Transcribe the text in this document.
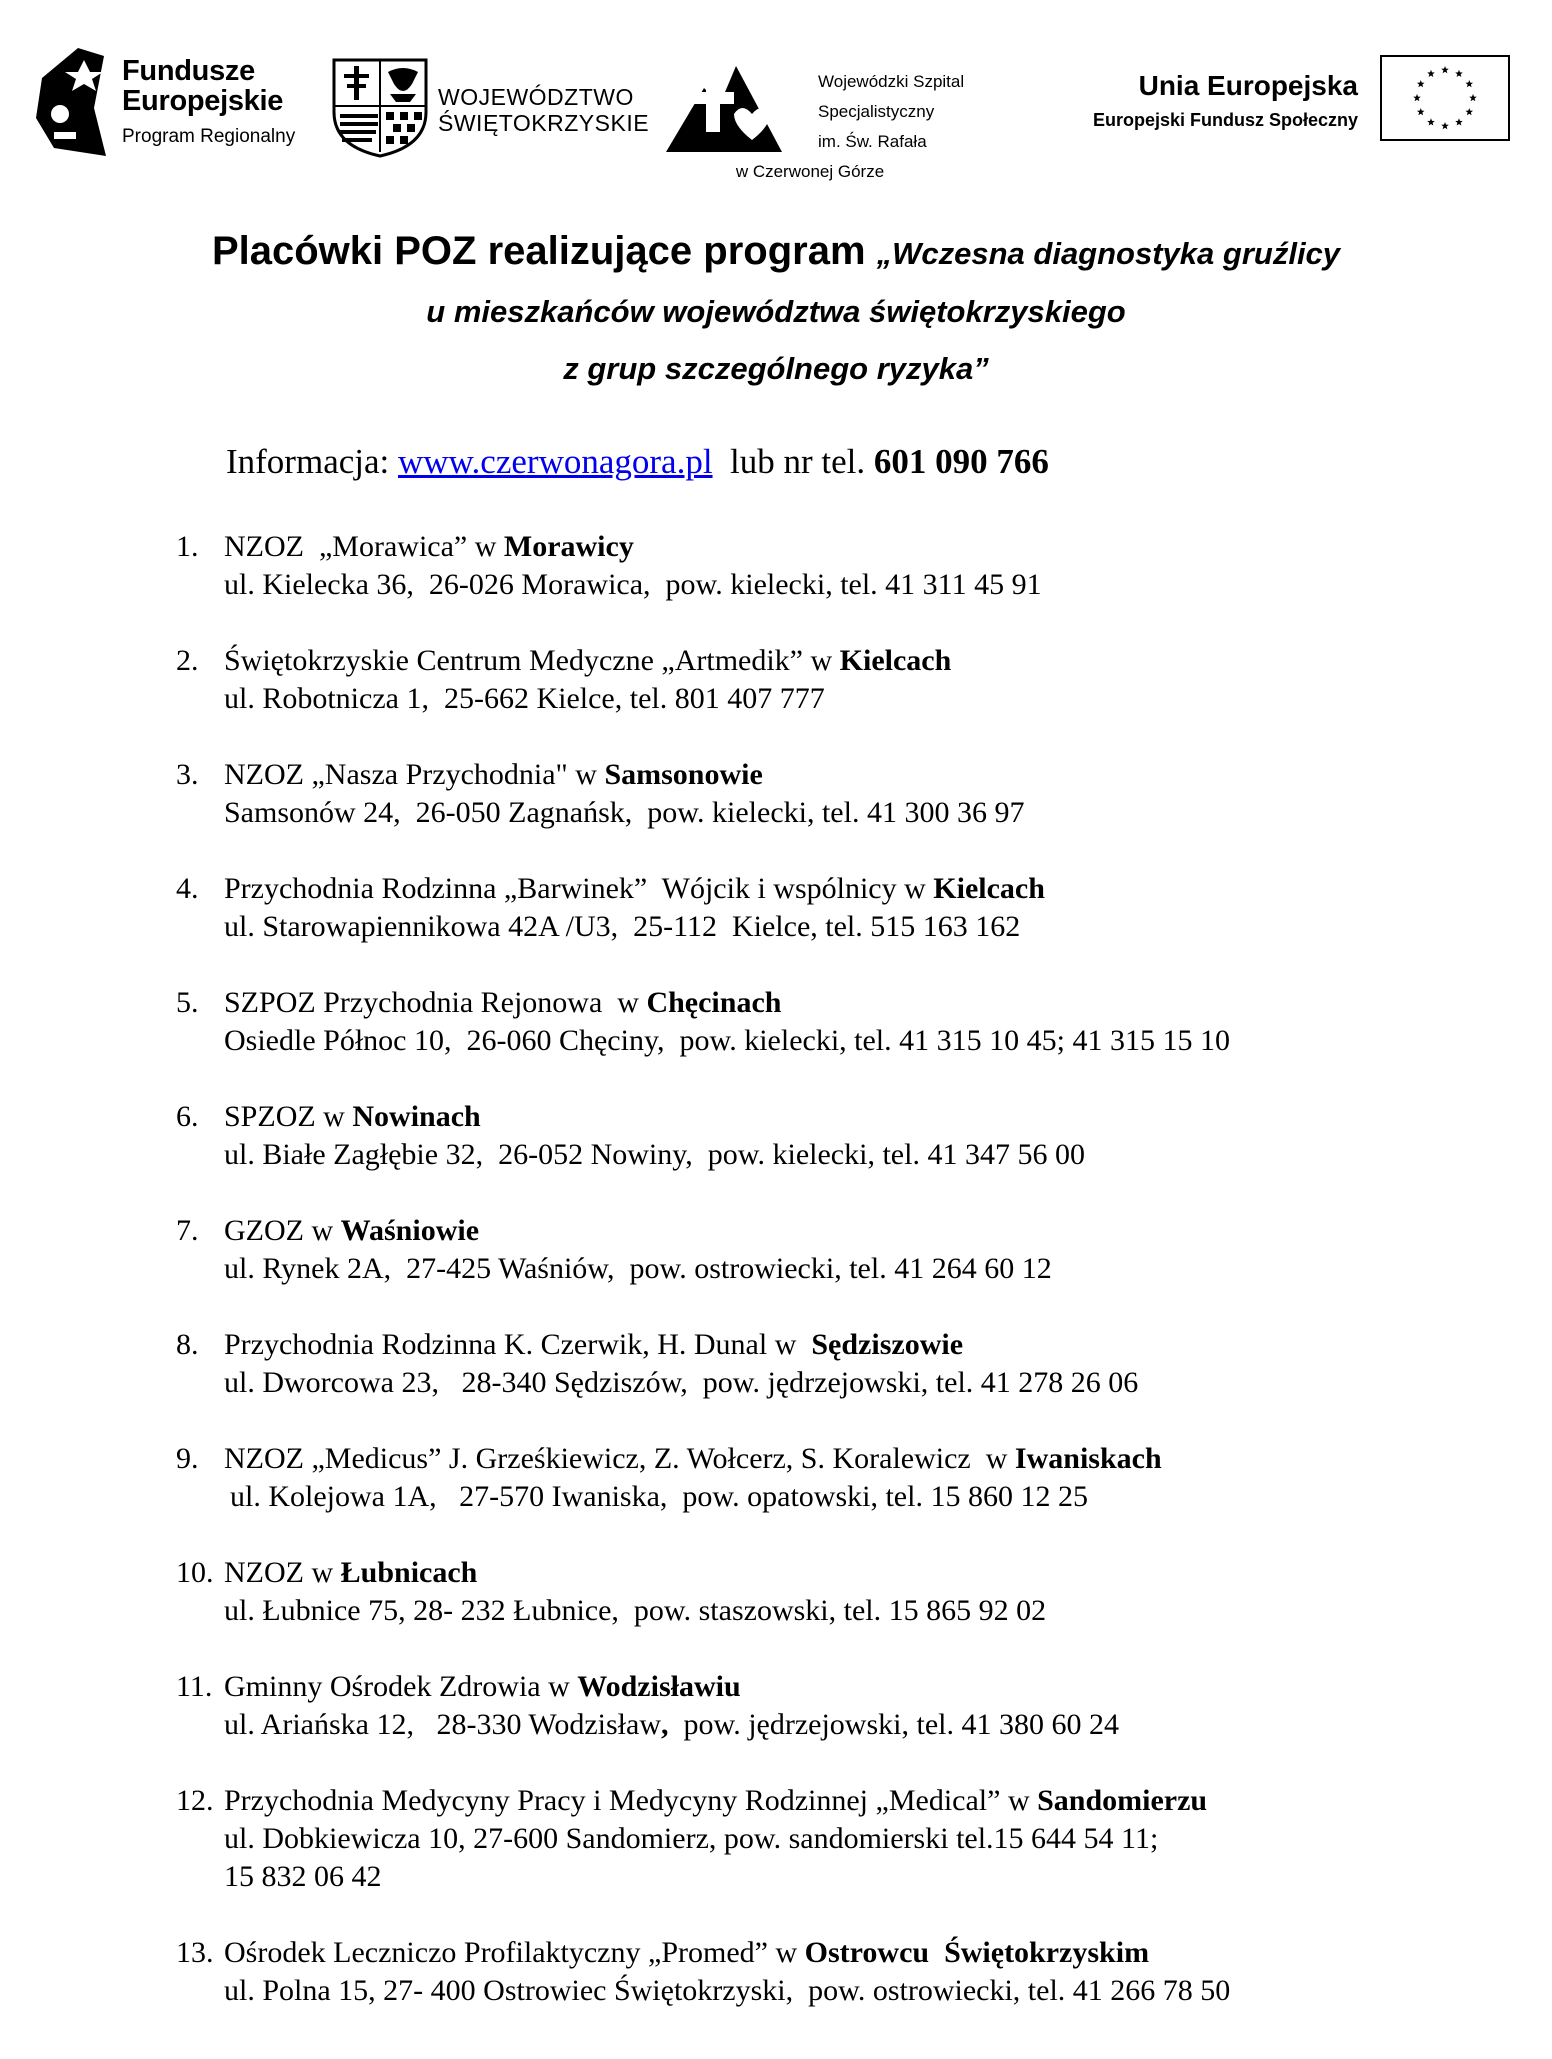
Fundusze
Europejskie
Program Regionalny
WOJEWÓDZTWO
ŚWIĘTOKRZYSKIE
Wojewódzki Szpital
Specjalistyczny
im. Św. Rafała
w Czerwonej Górze
Unia Europejska
Europejski Fundusz Społeczny
Placówki POZ realizujące program „Wczesna diagnostyka gruźlicy
u mieszkańców województwa świętokrzyskiego
z grup szczególnego ryzyka”
Informacja: www.czerwonagora.pl  lub nr tel. 601 090 766
1. NZOZ  „Morawica” w Morawicy
ul. Kielecka 36,  26-026 Morawica,  pow. kielecki, tel. 41 311 45 91
2. Świętokrzyskie Centrum Medyczne „Artmedik” w Kielcach
ul. Robotnicza 1,  25-662 Kielce, tel. 801 407 777
3. NZOZ „Nasza Przychodnia" w Samsonowie
Samsonów 24,  26-050 Zagnańsk,  pow. kielecki, tel. 41 300 36 97
4. Przychodnia Rodzinna „Barwinek”  Wójcik i wspólnicy w Kielcach
ul. Starowapiennikowa 42A /U3,  25-112  Kielce, tel. 515 163 162
5. SZPOZ Przychodnia Rejonowa  w Chęcinach
Osiedle Północ 10,  26-060 Chęciny,  pow. kielecki, tel. 41 315 10 45; 41 315 15 10
6. SPZOZ w Nowinach
ul. Białe Zagłębie 32,  26-052 Nowiny,  pow. kielecki, tel. 41 347 56 00
7. GZOZ w Waśniowie
ul. Rynek 2A,  27-425 Waśniów,  pow. ostrowiecki, tel. 41 264 60 12
8. Przychodnia Rodzinna K. Czerwik, H. Dunal w  Sędziszowie
ul. Dworcowa 23,   28-340 Sędziszów,  pow. jędrzejowski, tel. 41 278 26 06
9. NZOZ „Medicus” J. Grześkiewicz, Z. Wołcerz, S. Koralewicz  w Iwaniskach
ul. Kolejowa 1A,   27-570 Iwaniska,  pow. opatowski, tel. 15 860 12 25
10. NZOZ w Łubnicach
ul. Łubnice 75, 28- 232 Łubnice,  pow. staszowski, tel. 15 865 92 02
11. Gminny Ośrodek Zdrowia w Wodzisławiu
ul. Ariańska 12,   28-330 Wodzisław,  pow. jędrzejowski, tel. 41 380 60 24
12. Przychodnia Medycyny Pracy i Medycyny Rodzinnej „Medical” w Sandomierzu
ul. Dobkiewicza 10, 27-600 Sandomierz, pow. sandomierski tel.15 644 54 11;
15 832 06 42
13. Ośrodek Leczniczo Profilaktyczny „Promed” w Ostrowcu  Świętokrzyskim
ul. Polna 15, 27- 400 Ostrowiec Świętokrzyski,  pow. ostrowiecki, tel. 41 266 78 50
